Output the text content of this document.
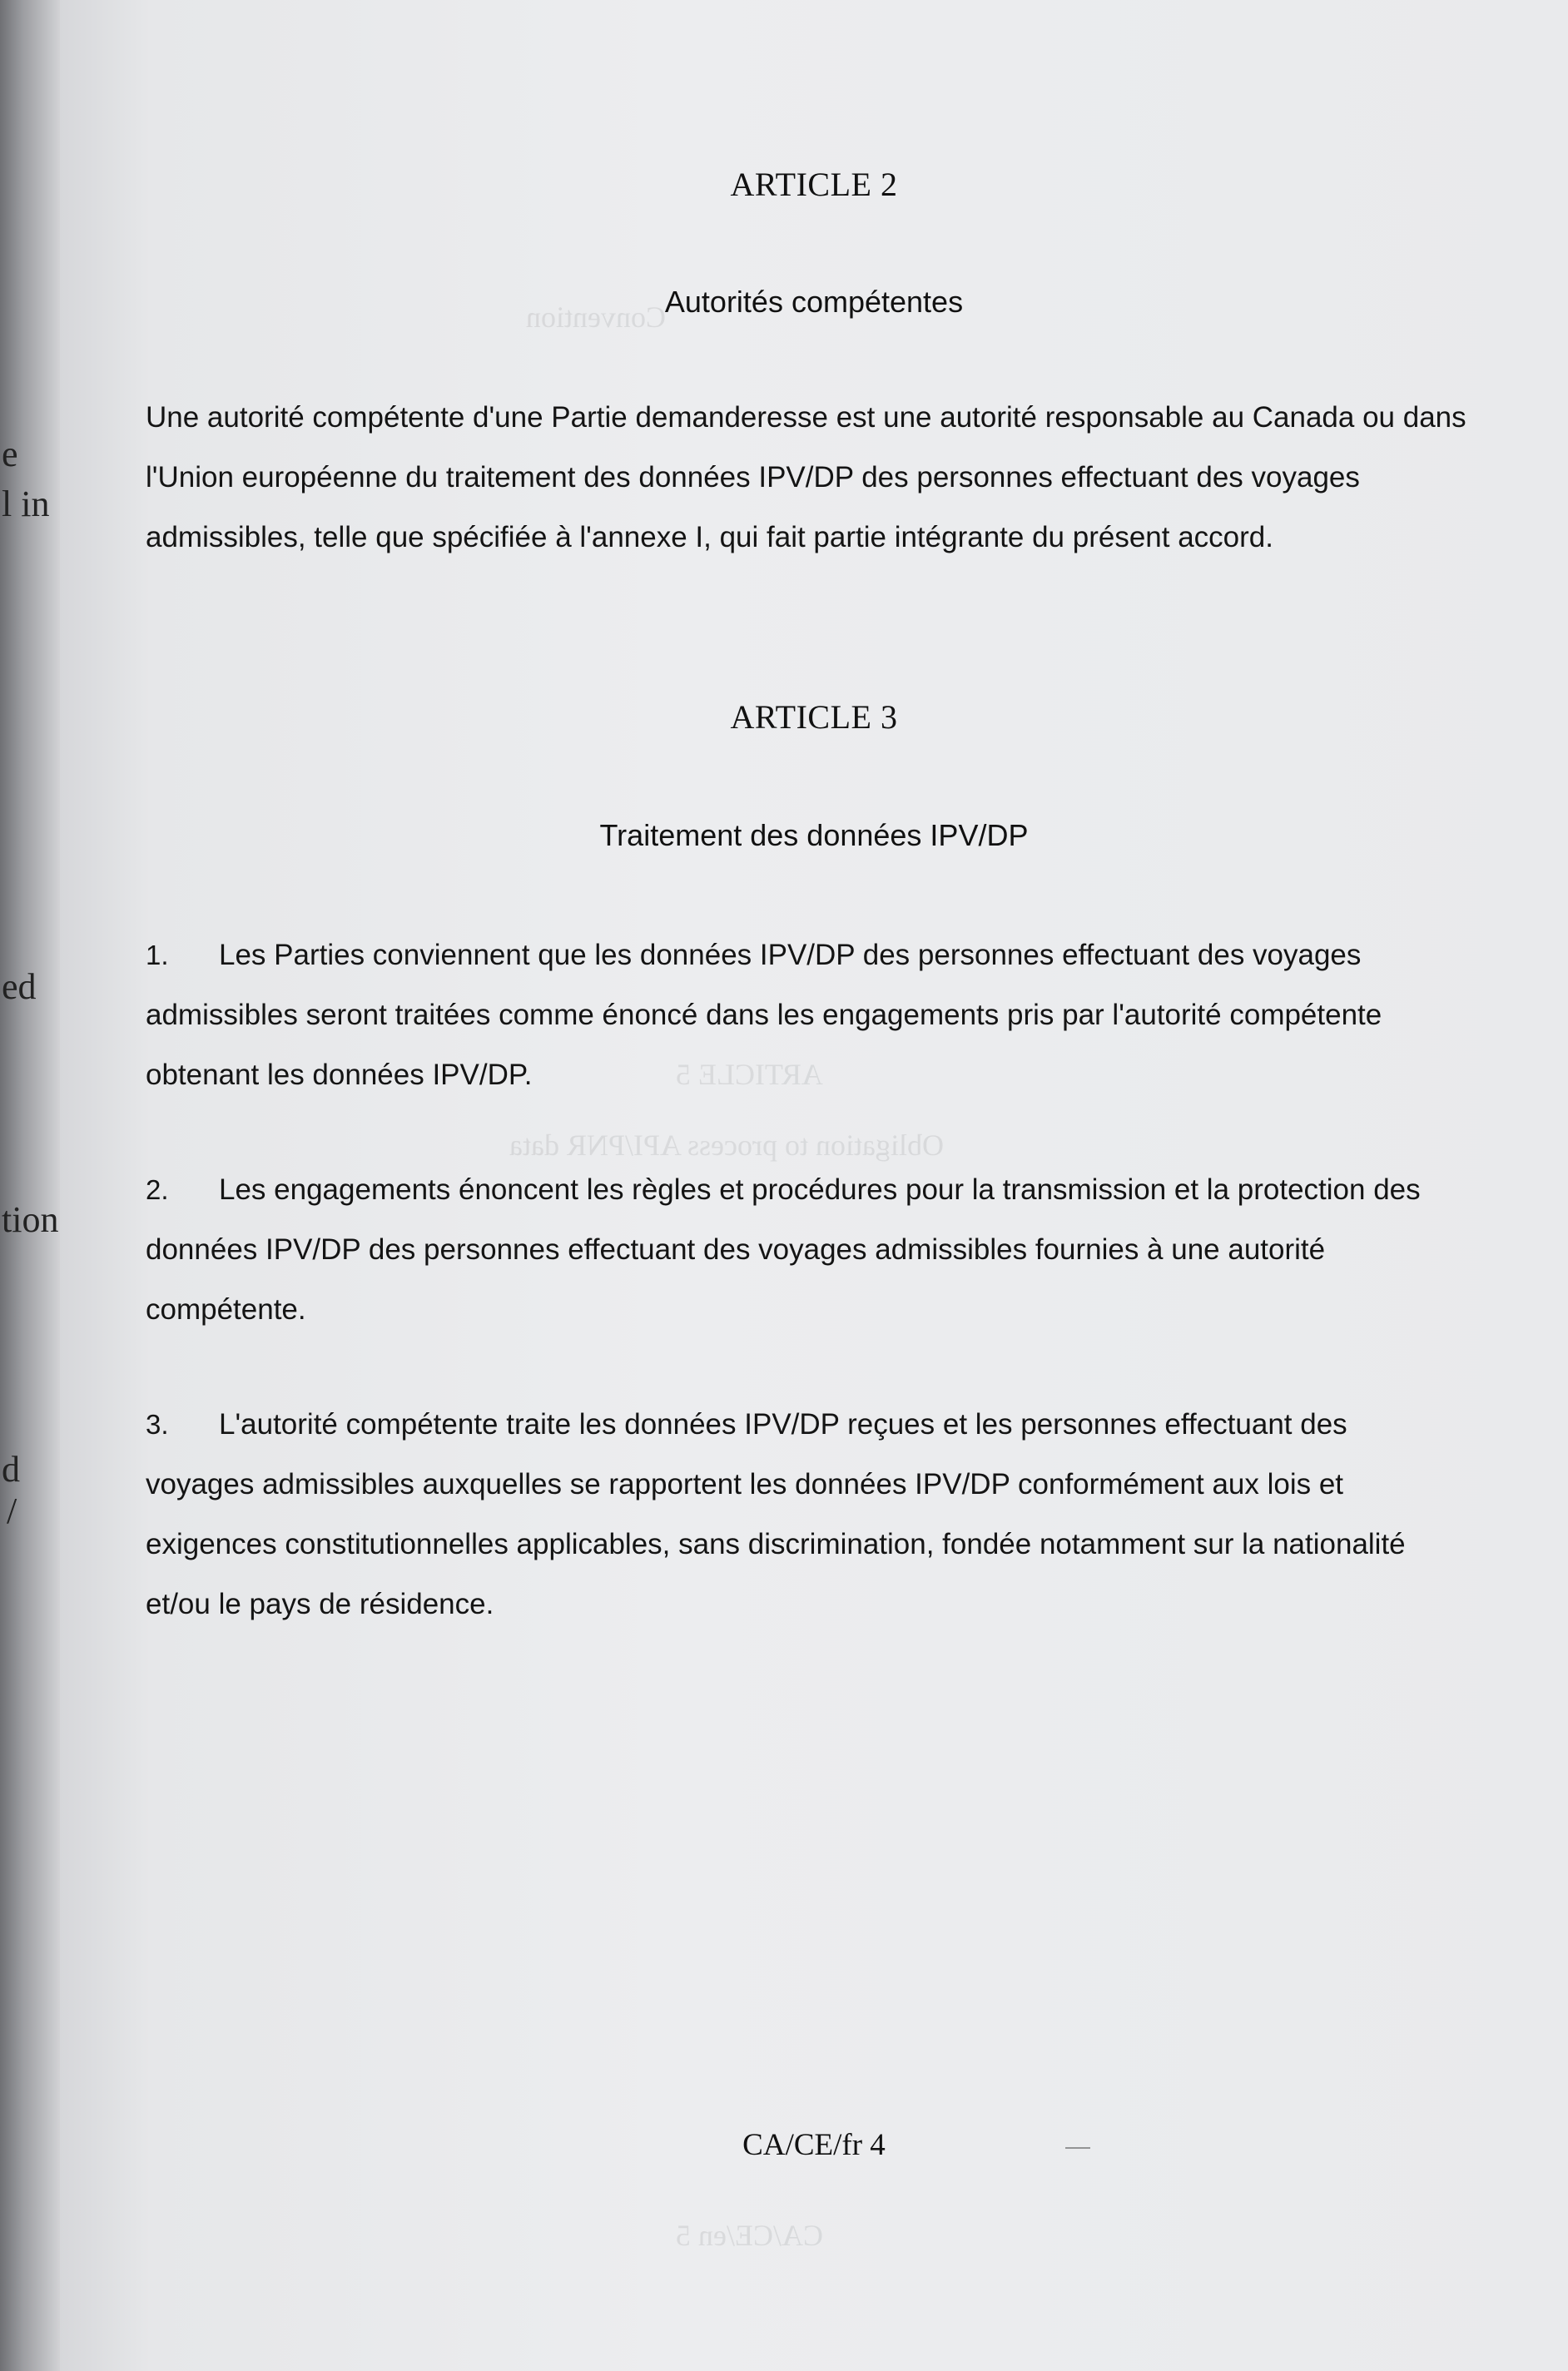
e
l in
ed
tion
d
/
Convention
ARTICLE 5
Obligation to process API/PNR data
CA/CE/en 5
ARTICLE 2
Autorités compétentes
Une autorité compétente d'une Partie demanderesse est une autorité responsable au Canada ou dans
l'Union européenne du traitement des données IPV/DP des personnes effectuant des voyages
admissibles, telle que spécifiée à l'annexe I, qui fait partie intégrante du présent accord.
ARTICLE 3
Traitement des données IPV/DP
1. Les Parties conviennent que les données IPV/DP des personnes effectuant des voyages
admissibles seront traitées comme énoncé dans les engagements pris par l'autorité compétente
obtenant les données IPV/DP.
2. Les engagements énoncent les règles et procédures pour la transmission et la protection des
données IPV/DP des personnes effectuant des voyages admissibles fournies à une autorité
compétente.
3. L'autorité compétente traite les données IPV/DP reçues et les personnes effectuant des
voyages admissibles auxquelles se rapportent les données IPV/DP conformément aux lois et
exigences constitutionnelles applicables, sans discrimination, fondée notamment sur la nationalité
et/ou le pays de résidence.
CA/CE/fr 4
